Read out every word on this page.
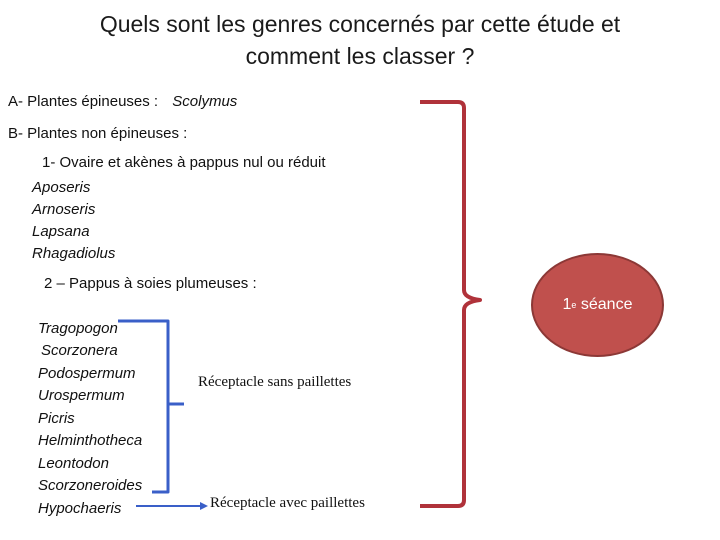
Quels sont les genres concernés par cette étude et
comment les classer ?
A- Plantes épineuses : Scolymus
B- Plantes non épineuses :
1- Ovaire et akènes à pappus nul ou réduit
Aposeris
Arnoseris
Lapsana
Rhagadiolus
2 – Pappus à soies plumeuses :
Tragopogon
Scorzonera
Podospermum
Urospermum
Picris
Helminthotheca
Leontodon
Scorzoneroides
Hypochaeris
Réceptacle sans paillettes
Réceptacle avec paillettes
1 e séance
